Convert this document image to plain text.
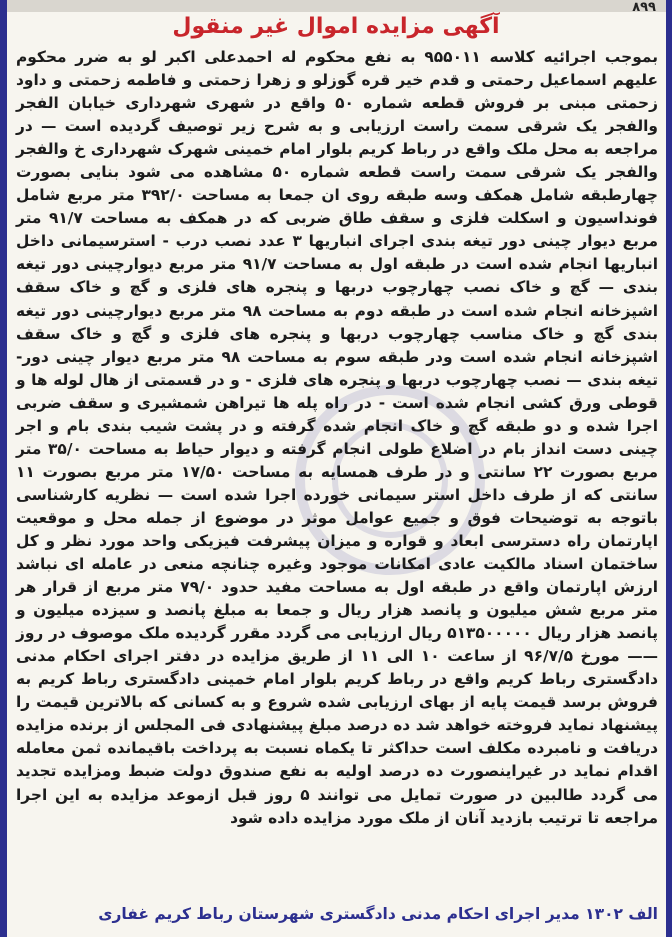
۸۹۹
آگهی مزایده اموال غیر منقول
بموجب اجرائیه کلاسه ۹۵۵۰۱۱ به نفع محکوم له احمدعلی اکبر لو به ضرر محکوم علیهم اسماعیل رحمتی و قدم خیر قره گوزلو و زهرا زحمتی و فاطمه زحمتی و داود زحمتی مبنی بر فروش قطعه شماره ۵۰ واقع در شهری شهرداری خیابان الفجر والفجر یک شرقی سمت راست ارزیابی و به شرح زیر توصیف گردیده است — در مراجعه به محل ملک واقع در رباط کریم بلوار امام خمینی شهرک شهرداری خ والفجر والفجر یک شرقی سمت راست قطعه شماره ۵۰ مشاهده می شود بنایی بصورت چهارطبقه شامل همکف وسه طبقه روی ان جمعا به مساحت ۳۹۲/۰ متر مربع شامل فونداسیون و اسکلت فلزی و سقف طاق ضربی که در همکف به مساحت ۹۱/۷ متر مربع دیوار چینی دور تیغه بندی اجرای انباریها ۳ عدد نصب درب - استرسیمانی داخل انباریها انجام شده است در طبقه اول به مساحت ۹۱/۷ متر مربع دیوارچینی دور تیغه بندی — گچ و خاک نصب چهارچوب دربها و پنجره های فلزی و گچ و خاک سقف اشپزخانه انجام شده است در طبقه دوم به مساحت ۹۸ متر مربع دیوارچینی دور تیغه بندی گچ و خاک مناسب چهارچوب دربها و پنجره های فلزی و گچ و خاک سقف اشپزخانه انجام شده است ودر طبقه سوم به مساحت ۹۸ متر مربع دیوار چینی دور- تیغه بندی — نصب چهارچوب دربها و پنجره های فلزی - و در قسمتی از هال لوله ها و قوطی ورق کشی انجام شده است - در راه پله ها تیراهن شمشیری و سقف ضربی اجرا شده و دو طبقه گچ و خاک انجام شده گرفته و در پشت شیب بندی بام و اجر چینی دست انداز بام در اضلاع طولی انجام گرفته و دیوار حیاط به مساحت ۳۵/۰ متر مربع بصورت ۲۲ سانتی و در طرف همسایه به مساحت ۱۷/۵۰ متر مربع بصورت ۱۱ سانتی که از طرف داخل استر سیمانی خورده اجرا شده است — نظریه کارشناسی باتوجه به توضیحات فوق و جمیع عوامل موثر در موضوع از جمله محل و موقعیت اپارتمان راه دسترسی ابعاد و قواره و میزان پیشرفت فیزیکی واحد مورد نظر و کل ساختمان اسناد مالکیت عادی امکانات موجود وغیره چنانچه منعی در عامله ای نباشد ارزش اپارتمان واقع در طبقه اول به مساحت مفید حدود ۷۹/۰ متر مربع از قرار هر متر مربع شش میلیون و پانصد هزار ریال و جمعا به مبلغ پانصد و سیزده میلیون و پانصد هزار ریال ۵۱۳۵۰۰۰۰۰ ریال ارزیابی می گردد مقرر گردیده ملک موصوف در روز —— مورخ ۹۶/۷/۵ از ساعت ۱۰ الی ۱۱ از طریق مزایده در دفتر اجرای احکام مدنی دادگستری رباط کریم واقع در رباط کریم بلوار امام خمینی دادگستری رباط کریم به فروش برسد قیمت پایه از بهای ارزیابی شده شروع و به کسانی که بالاترین قیمت را پیشنهاد نماید فروخته خواهد شد ده درصد مبلغ پیشنهادی فی المجلس از برنده مزایده دریافت و نامبرده مکلف است حداکثر تا یکماه نسبت به پرداخت باقیمانده ثمن معامله اقدام نماید در غیراینصورت ده درصد اولیه به نفع صندوق دولت ضبط ومزایده تجدید می گردد طالبین در صورت تمایل می توانند ۵ روز قبل ازموعد مزایده به این اجرا مراجعه تا ترتیب بازدید آنان از ملک مورد مزایده داده شود
الف ۱۳۰۲ مدیر اجرای احکام مدنی دادگستری شهرستان رباط کریم غفاری
